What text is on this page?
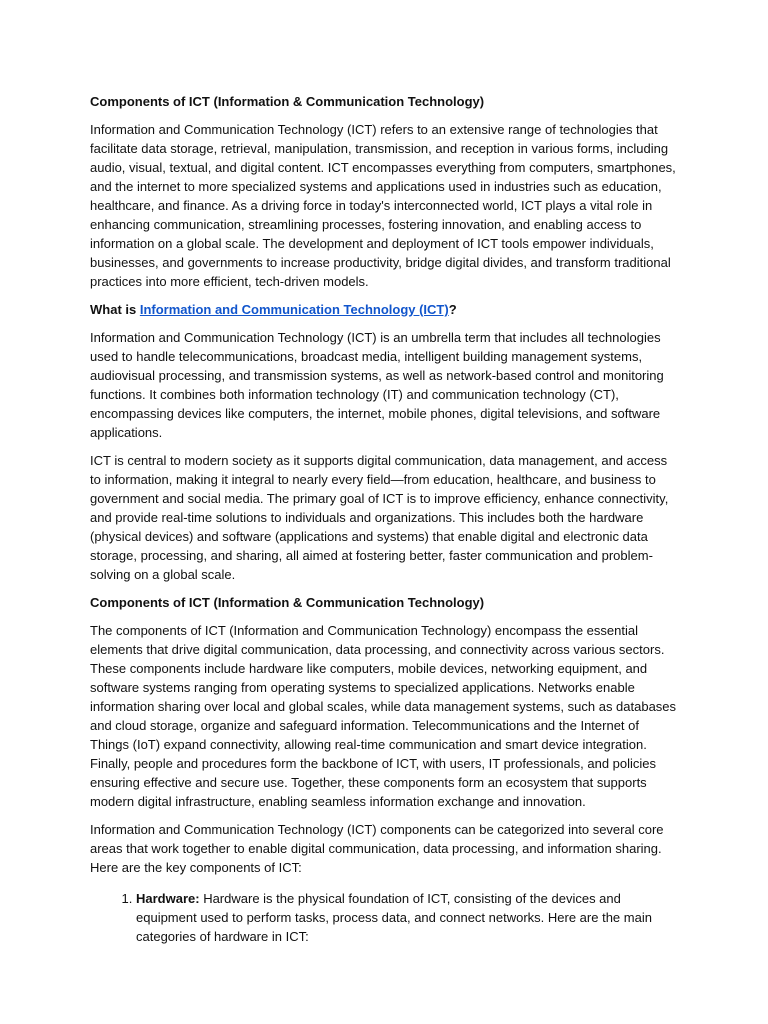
Components of ICT (Information & Communication Technology)

Information and Communication Technology (ICT) refers to an extensive range of technologies that facilitate data storage, retrieval, manipulation, transmission, and reception in various forms, including audio, visual, textual, and digital content. ICT encompasses everything from computers, smartphones, and the internet to more specialized systems and applications used in industries such as education, healthcare, and finance. As a driving force in today's interconnected world, ICT plays a vital role in enhancing communication, streamlining processes, fostering innovation, and enabling access to information on a global scale. The development and deployment of ICT tools empower individuals, businesses, and governments to increase productivity, bridge digital divides, and transform traditional practices into more efficient, tech-driven models.

What is Information and Communication Technology (ICT)?

Information and Communication Technology (ICT) is an umbrella term that includes all technologies used to handle telecommunications, broadcast media, intelligent building management systems, audiovisual processing, and transmission systems, as well as network-based control and monitoring functions. It combines both information technology (IT) and communication technology (CT), encompassing devices like computers, the internet, mobile phones, digital televisions, and software applications.

ICT is central to modern society as it supports digital communication, data management, and access to information, making it integral to nearly every field—from education, healthcare, and business to government and social media. The primary goal of ICT is to improve efficiency, enhance connectivity, and provide real-time solutions to individuals and organizations. This includes both the hardware (physical devices) and software (applications and systems) that enable digital and electronic data storage, processing, and sharing, all aimed at fostering better, faster communication and problem-solving on a global scale.

Components of ICT (Information & Communication Technology)

The components of ICT (Information and Communication Technology) encompass the essential elements that drive digital communication, data processing, and connectivity across various sectors. These components include hardware like computers, mobile devices, networking equipment, and software systems ranging from operating systems to specialized applications. Networks enable information sharing over local and global scales, while data management systems, such as databases and cloud storage, organize and safeguard information. Telecommunications and the Internet of Things (IoT) expand connectivity, allowing real-time communication and smart device integration. Finally, people and procedures form the backbone of ICT, with users, IT professionals, and policies ensuring effective and secure use. Together, these components form an ecosystem that supports modern digital infrastructure, enabling seamless information exchange and innovation.

Information and Communication Technology (ICT) components can be categorized into several core areas that work together to enable digital communication, data processing, and information sharing. Here are the key components of ICT:

1. Hardware: Hardware is the physical foundation of ICT, consisting of the devices and equipment used to perform tasks, process data, and connect networks. Here are the main categories of hardware in ICT:
